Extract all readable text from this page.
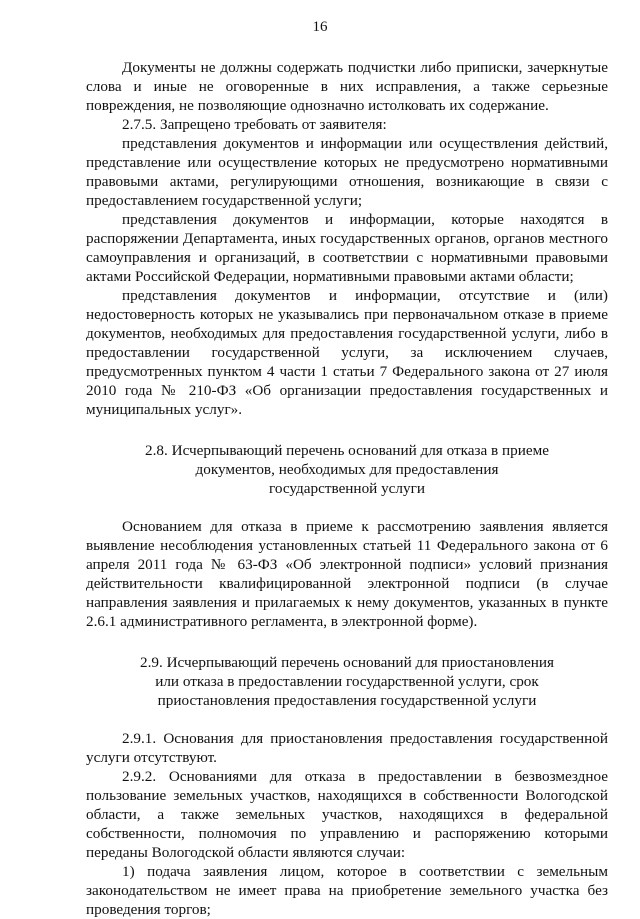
16

Документы не должны содержать подчистки либо приписки, зачеркнутые слова и иные не оговоренные в них исправления, а также серьезные повреждения, не позволяющие однозначно истолковать их содержание.

2.7.5. Запрещено требовать от заявителя:

представления документов и информации или осуществления действий, представление или осуществление которых не предусмотрено нормативными правовыми актами, регулирующими отношения, возникающие в связи с предоставлением государственной услуги;

представления документов и информации, которые находятся в распоряжении Департамента, иных государственных органов, органов местного самоуправления и организаций, в соответствии с нормативными правовыми актами Российской Федерации, нормативными правовыми актами области;

представления документов и информации, отсутствие и (или) недостоверность которых не указывались при первоначальном отказе в приеме документов, необходимых для предоставления государственной услуги, либо в предоставлении государственной услуги, за исключением случаев, предусмотренных пунктом 4 части 1 статьи 7 Федерального закона от 27 июля 2010 года № 210-ФЗ «Об организации предоставления государственных и муниципальных услуг».

2.8. Исчерпывающий перечень оснований для отказа в приеме
документов, необходимых для предоставления
государственной услуги

Основанием для отказа в приеме к рассмотрению заявления является выявление несоблюдения установленных статьей 11 Федерального закона от 6 апреля 2011 года № 63-ФЗ «Об электронной подписи» условий признания действительности квалифицированной электронной подписи (в случае направления заявления и прилагаемых к нему документов, указанных в пункте 2.6.1 административного регламента, в электронной форме).

2.9. Исчерпывающий перечень оснований для приостановления
или отказа в предоставлении государственной услуги, срок
приостановления предоставления государственной услуги

2.9.1. Основания для приостановления предоставления государственной услуги отсутствуют.

2.9.2. Основаниями для отказа в предоставлении в безвозмездное пользование земельных участков, находящихся в собственности Вологодской области, а также земельных участков, находящихся в федеральной собственности, полномочия по управлению и распоряжению которыми переданы Вологодской области являются случаи:

1) подача заявления лицом, которое в соответствии с земельным законодательством не имеет права на приобретение земельного участка без проведения торгов;
